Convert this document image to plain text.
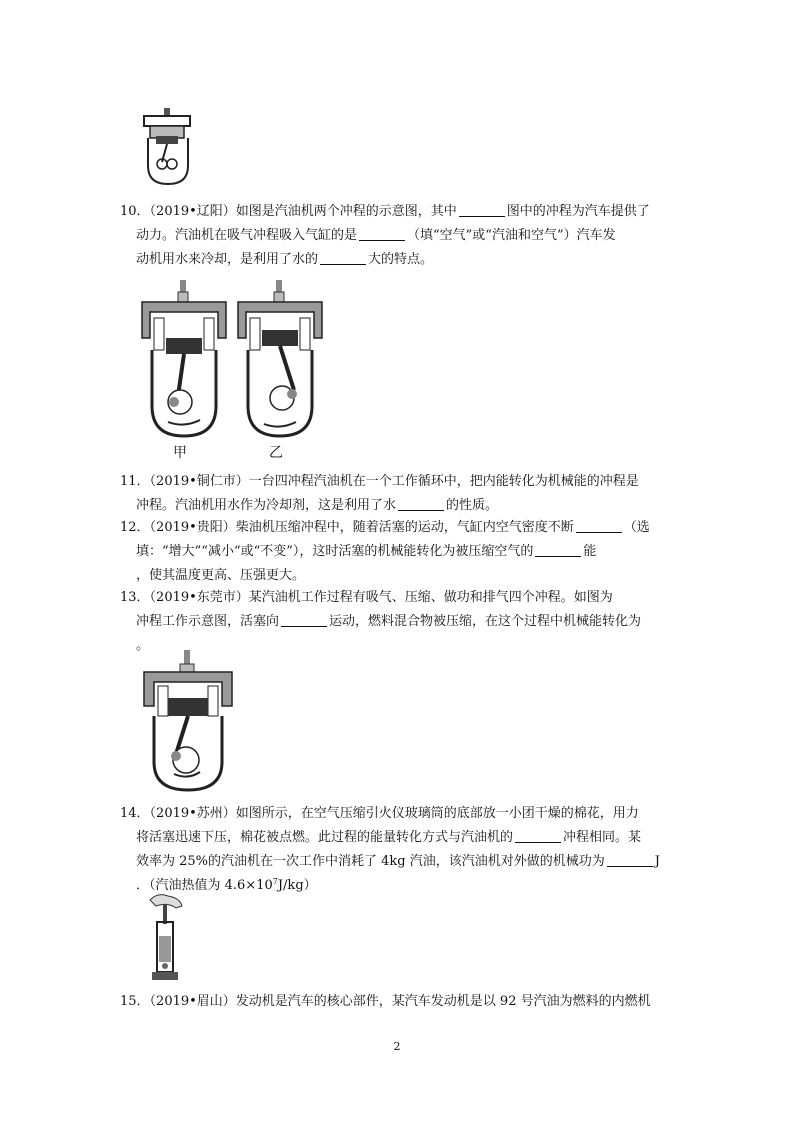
10．（2019•辽阳）如图是汽油机两个冲程的示意图，其中	图中的冲程为汽车提供了
动力。汽油机在吸气冲程吸入气缸的是	（填“空气”或“汽油和空气”）汽车发
动机用水来冷却，是利用了水的	大的特点。
甲	乙
11．（2019•铜仁市）一台四冲程汽油机在一个工作循环中，把内能转化为机械能的冲程是
冲程。汽油机用水作为冷却剂，这是利用了水	的性质。
12．（2019•贵阳）柴油机压缩冲程中，随着活塞的运动，气缸内空气密度不断	（选
填：“增大”“减小“或“不变”），这时活塞的机械能转化为被压缩空气的	能
，使其温度更高、压强更大。
13．（2019•东莞市）某汽油机工作过程有吸气、压缩、做功和排气四个冲程。如图为
冲程工作示意图，活塞向	运动，燃料混合物被压缩，在这个过程中机械能转化为
。
14．（2019•苏州）如图所示，在空气压缩引火仪玻璃筒的底部放一小团干燥的棉花，用力
将活塞迅速下压，棉花被点燃。此过程的能量转化方式与汽油机的	冲程相同。某
效率为 25%的汽油机在一次工作中消耗了 4kg 汽油，该汽油机对外做的机械功为	J
．（汽油热值为 $4.6\times 10^7J/kg$）
15．（2019•眉山）发动机是汽车的核心部件，某汽车发动机是以 92 号汽油为燃料的内燃机
2
